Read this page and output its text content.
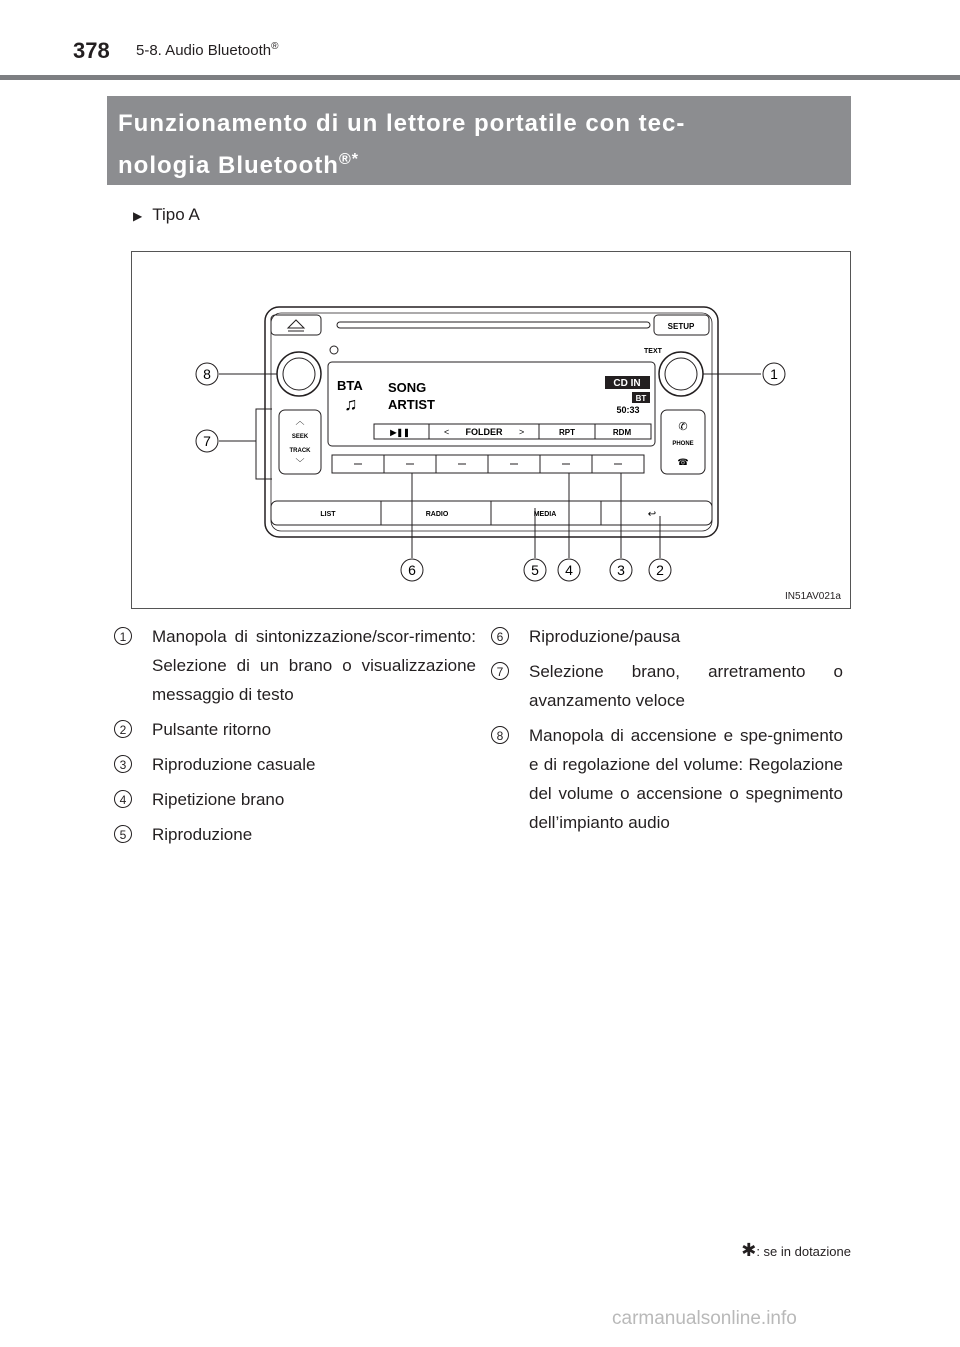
378 5-8. Audio Bluetooth®
Funzionamento di un lettore portatile con tec-
nologia Bluetooth®*
▶ Tipo A
SETUP
TEXT
BTA
♫
SONG
ARTIST
CD IN
BT
50:33
▶❚❚	FOLDER
<	>	RPT	RDM
︿
SEEK
TRACK
﹀
✆
PHONE
☎
LIST	RADIO	MEDIA	↩
1
2
3
4
5
6
7
8
IN51AV021a
1	Manopola di sintonizzazione/scor-rimento: Selezione di un brano o visualizzazione messaggio di testo
2	Pulsante ritorno
3	Riproduzione casuale
4	Ripetizione brano
5	Riproduzione
6	Riproduzione/pausa
7	Selezione brano, arretramento o avanzamento veloce
8	Manopola di accensione e spe-gnimento e di regolazione del volume: Regolazione del volume o accensione o spegnimento dell’impianto audio
✱: se in dotazione
carmanualsonline.info
